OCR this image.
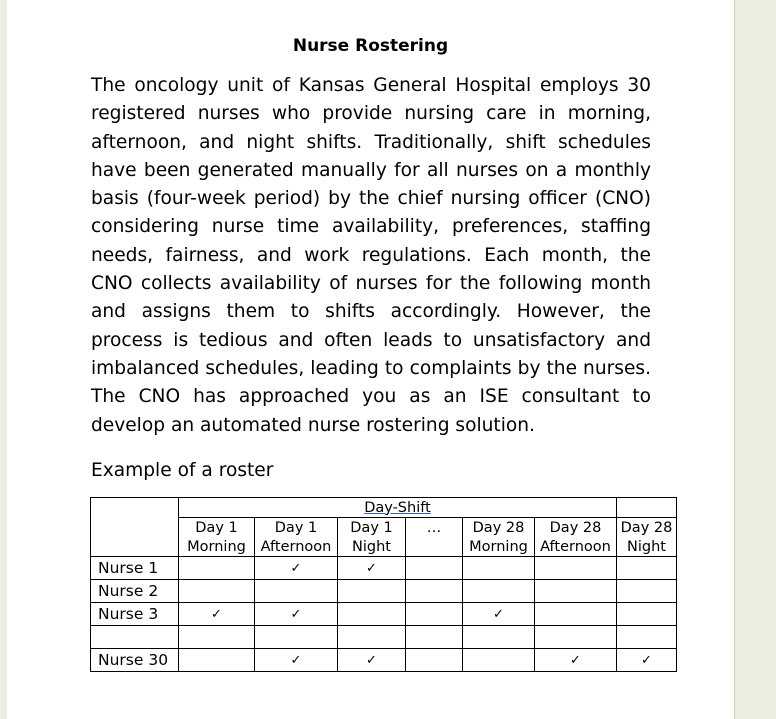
Nurse Rostering
The oncology unit of Kansas General Hospital employs 30 registered nurses who provide nursing care in morning, afternoon, and night shifts. Traditionally, shift schedules have been generated manually for all nurses on a monthly basis (four-week period) by the chief nursing officer (CNO) considering nurse time availability, preferences, staffing needs, fairness, and work regulations. Each month, the CNO collects availability of nurses for the following month and assigns them to shifts accordingly. However, the process is tedious and often leads to unsatisfactory and imbalanced schedules, leading to complaints by the nurses. The CNO has approached you as an ISE consultant to develop an automated nurse rostering solution.
Example of a roster
	Day-Shift						
	Day 1	Day 1	Day 1	…	Day 28	Day 28	Day 28
	Morning	Afternoon	Night		Morning	Afternoon	Night
Nurse 1		✓	✓				
Nurse 2							
Nurse 3	✓	✓			✓		

Nurse 30		✓	✓			✓	✓
